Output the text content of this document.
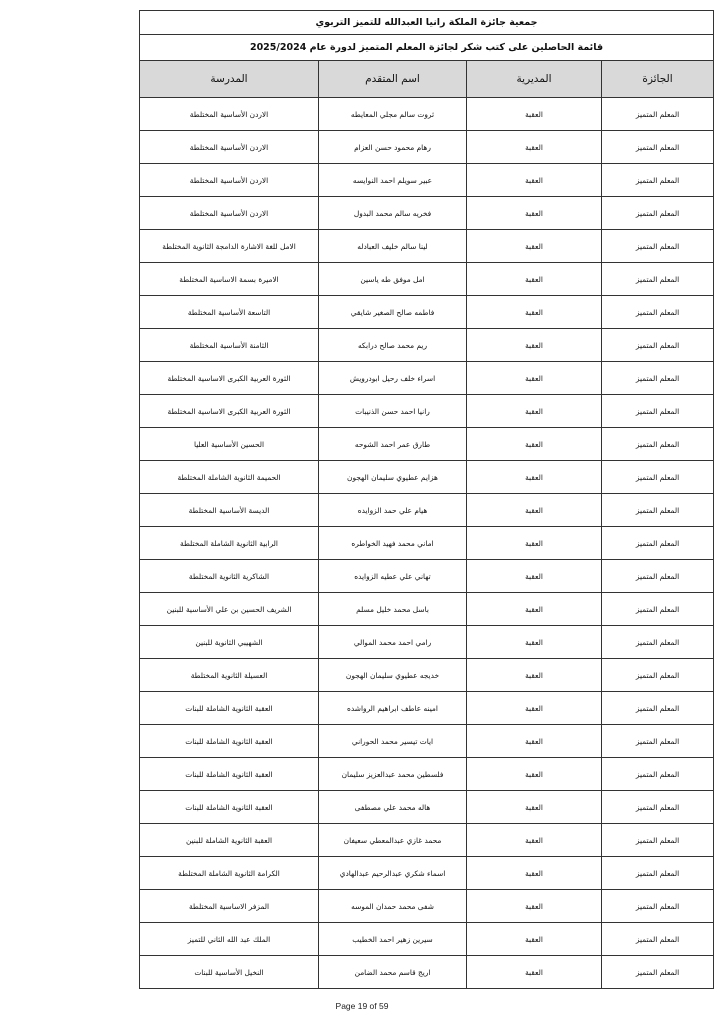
جمعية جائزة الملكة رانيا العبدالله للتميز التربوي			
قائمة الحاصلين على كتب شكر لجائزة المعلم المتميز لدورة عام 2025/2024			
الجائزة	المديرية	اسم المتقدم	المدرسة
المعلم المتميز	العقبة	ثروت سالم مجلي المعايطه	الاردن الأساسية المختلطة
المعلم المتميز	العقبة	رهام محمود حسن العزام	الاردن الأساسية المختلطة
المعلم المتميز	العقبة	عبير سويلم احمد النوايسه	الاردن الأساسية المختلطة
المعلم المتميز	العقبة	فخريه سالم محمد البدول	الاردن الأساسية المختلطة
المعلم المتميز	العقبة	لينا سالم خليف العبادله	الامل للغة الاشارة الدامجة الثانوية المختلطة
المعلم المتميز	العقبة	امل موفق طه ياسين	الاميرة بسمة الاساسية المختلطة
المعلم المتميز	العقبة	فاطمه صالح الصغير شايقي	التاسعة الأساسية المختلطة
المعلم المتميز	العقبة	ريم محمد صالح درابكه	الثامنة الأساسية المختلطة
المعلم المتميز	العقبة	اسراء خلف رحيل ابودرويش	الثورة العربية الكبرى الاساسية المختلطة
المعلم المتميز	العقبة	رانيا احمد حسن الذنيبات	الثورة العربية الكبرى الاساسية المختلطة
المعلم المتميز	العقبة	طارق عمر احمد الشوحه	الحسين الأساسية العليا
المعلم المتميز	العقبة	هزايم عطيوي سليمان الهجون	الحميمة الثانوية الشاملة المختلطة
المعلم المتميز	العقبة	هيام علي حمد الزوايده	الديسة الأساسية المختلطة
المعلم المتميز	العقبة	اماني محمد فهيد الخواطره	الرابية الثانوية الشاملة المختلطة
المعلم المتميز	العقبة	تهاني علي عطيه الزوايده	الشاكرية الثانوية المختلطة
المعلم المتميز	العقبة	باسل محمد خليل مسلم	الشريف الحسين بن علي الأساسية للبنين
المعلم المتميز	العقبة	رامي احمد محمد الموالي	الشهيبي الثانوية للبنين
المعلم المتميز	العقبة	خديجه عطيوي سليمان الهجون	العسيلة الثانوية المختلطة
المعلم المتميز	العقبة	امينه عاطف ابراهيم الرواشده	العقبة الثانوية الشاملة للبنات
المعلم المتميز	العقبة	ايات تيسير محمد الحوراني	العقبة الثانوية الشاملة للبنات
المعلم المتميز	العقبة	فلسطين محمد عبدالعزيز سليمان	العقبة الثانوية الشاملة للبنات
المعلم المتميز	العقبة	هاله محمد علي مصطفى	العقبة الثانوية الشاملة للبنات
المعلم المتميز	العقبة	محمد غازي عبدالمعطي سعيفان	العقبة الثانوية الشاملة للبنين
المعلم المتميز	العقبة	اسماء شكري عبدالرحيم عبدالهادي	الكرامة الثانوية الشاملة المختلطة
المعلم المتميز	العقبة	شفى محمد حمدان الموسه	المزفر الاساسية المختلطة
المعلم المتميز	العقبة	سيرين زهير احمد الخطيب	الملك عبد الله الثاني للتميز
المعلم المتميز	العقبة	اريج قاسم محمد الضامن	النخيل الأساسية للبنات
Page 19 of 59
